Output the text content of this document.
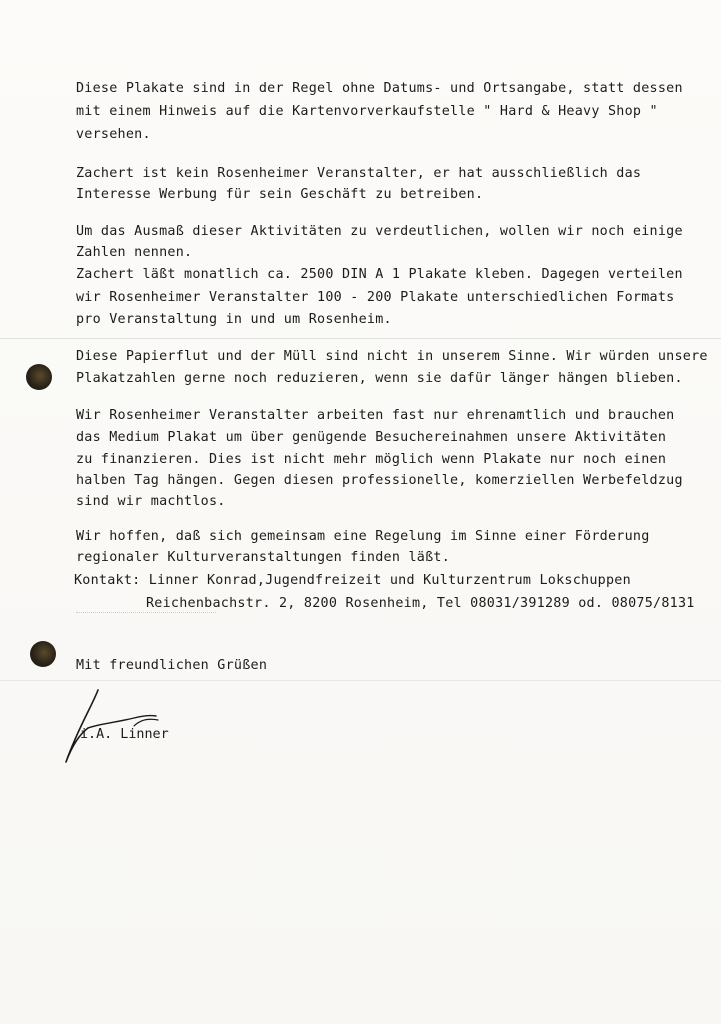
Diese Plakate sind in der Regel ohne Datums- und Ortsangabe, statt dessen
mit einem Hinweis auf die Kartenvorverkaufstelle " Hard & Heavy Shop "
versehen.
Zachert ist kein Rosenheimer Veranstalter, er hat ausschließlich das
Interesse Werbung für sein Geschäft zu betreiben.
Um das Ausmaß dieser Aktivitäten zu verdeutlichen, wollen wir noch einige
Zahlen nennen.
Zachert läßt monatlich ca. 2500 DIN A 1 Plakate kleben. Dagegen verteilen
wir Rosenheimer Veranstalter 100 - 200 Plakate unterschiedlichen Formats
pro Veranstaltung in und um Rosenheim.
Diese Papierflut und der Müll sind nicht in unserem Sinne. Wir würden unsere
Plakatzahlen gerne noch reduzieren, wenn sie dafür länger hängen blieben.
Wir Rosenheimer Veranstalter arbeiten fast nur ehrenamtlich und brauchen
das Medium Plakat um über genügende Besuchereinahmen unsere Aktivitäten
zu finanzieren. Dies ist nicht mehr möglich wenn Plakate nur noch einen
halben Tag hängen. Gegen diesen professionelle, komerziellen Werbefeldzug
sind wir machtlos.
Wir hoffen, daß sich gemeinsam eine Regelung im Sinne einer Förderung
regionaler Kulturveranstaltungen finden läßt.
Kontakt: Linner Konrad,Jugendfreizeit und Kulturzentrum Lokschuppen
Reichenbachstr. 2, 8200 Rosenheim, Tel 08031/391289 od. 08075/8131
Mit freundlichen Grüßen
i.A. Linner
